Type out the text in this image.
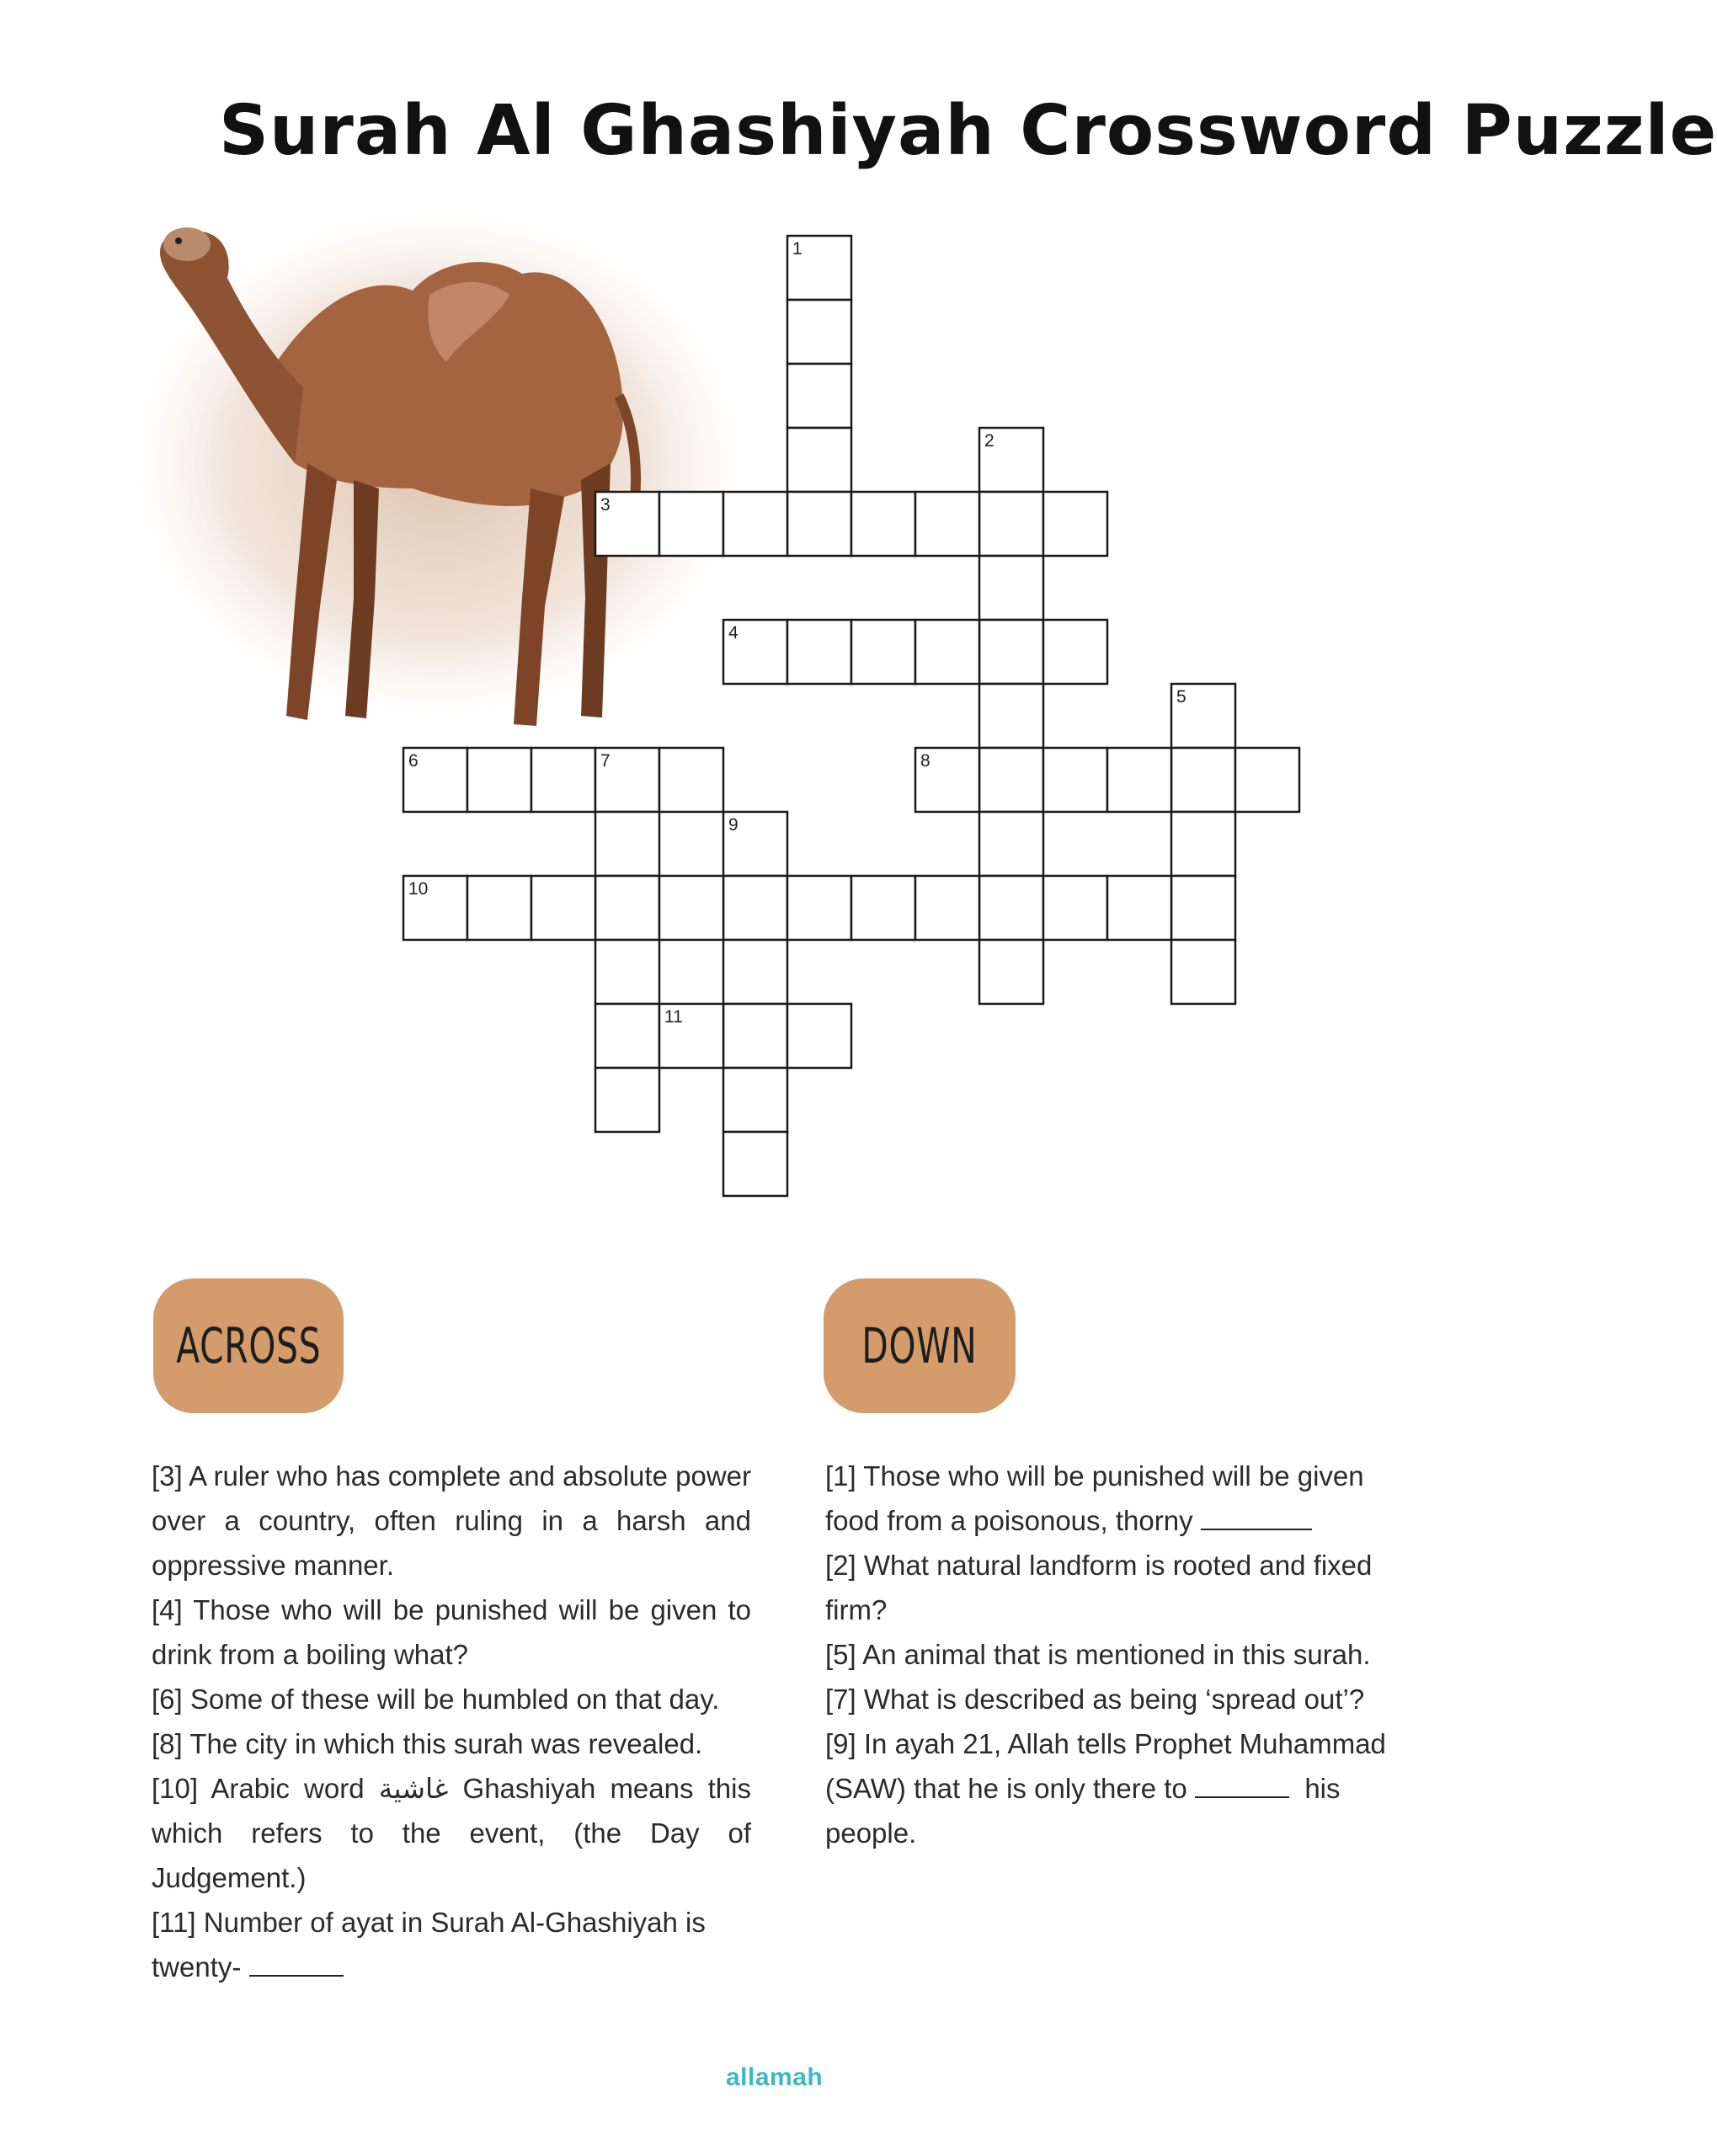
Surah Al Ghashiyah Crossword Puzzle
1
2
3
4
5
6	7	8
9
10
11
ACROSS	DOWN

[3] A ruler who has complete and absolute power over a country, often ruling in a harsh and oppressive manner.

[4] Those who will be punished will be given to drink from a boiling what?

[6] Some of these will be humbled on that day.

[8] The city in which this surah was revealed.

[10] Arabic word غاشية Ghashiyah means this which refers to the event, (the Day of Judgement.)

[11] Number of ayat in Surah Al-Ghashiyah is twenty-

[1] Those who will be punished will be given food from a poisonous, thorny

[2] What natural landform is rooted and fixed firm?

[5] An animal that is mentioned in this surah.

[7] What is described as being ‘spread out’?

[9] In ayah 21, Allah tells Prophet Muhammad (SAW) that he is only there to	his people.

allamah
